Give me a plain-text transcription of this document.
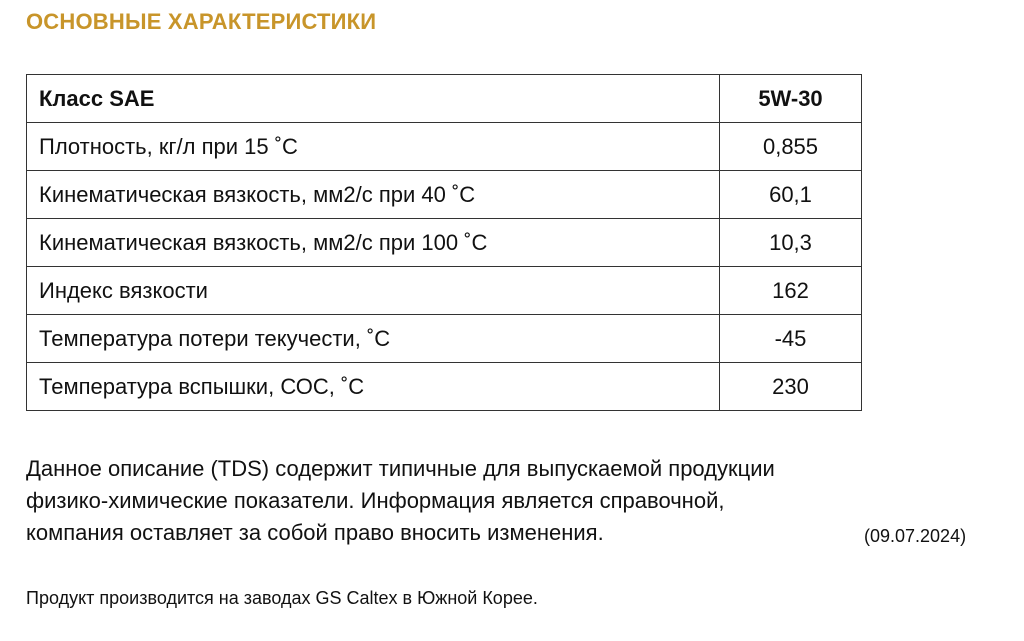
ОСНОВНЫЕ ХАРАКТЕРИСТИКИ
Класс SAE	5W-30
Плотность, кг/л при 15 ˚С	0,855
Кинематическая вязкость, мм2/с при 40 ˚С	60,1
Кинематическая вязкость, мм2/с при 100 ˚С	10,3
Индекс вязкости	162
Температура потери текучести, ˚С	-45
Температура вспышки, СОС, ˚С	230
Данное описание (TDS) содержит типичные для выпускаемой продукции
физико-химические показатели. Информация является справочной,
компания оставляет за собой право вносить изменения.	(09.07.2024)
Продукт производится на заводах GS Caltex в Южной Корее.
